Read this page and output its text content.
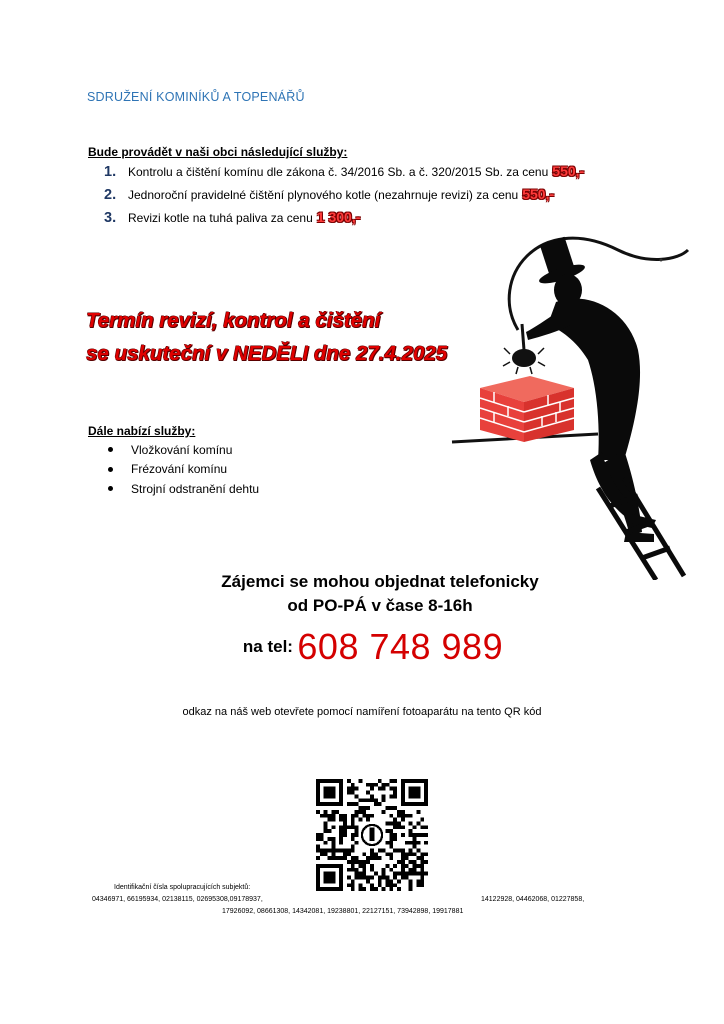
SDRUŽENÍ KOMINÍKŮ A TOPENÁŘŮ
Bude provádět v naši obci následující služby:
1. Kontrolu a čištění komínu dle zákona č. 34/2016 Sb. a č. 320/2015 Sb. za cenu 550,-
2. Jednoroční pravidelné čištění plynového kotle (nezahrnuje revizi) za cenu 550,-
3. Revizi kotle na tuhá paliva za cenu 1 300,-
Termín revizí, kontrol a čištění
se uskuteční v NEDĚLI dne 27.4.2025
Dále nabízí služby:
Vložkování komínu
Frézování komínu
Strojní odstranění dehtu
Zájemci se mohou objednat telefonicky
od PO-PÁ v čase 8-16h
na tel: 608 748 989
odkaz na náš web otevřete pomocí namíření fotoaparátu na tento QR kód
Identifikační čísla spolupracujících subjektů:
04346971, 66195934, 02138115, 02695308,09178937,	14122928, 04462068, 01227858,
17926092, 08661308, 14342081, 19238801, 22127151, 73942898, 19917881
